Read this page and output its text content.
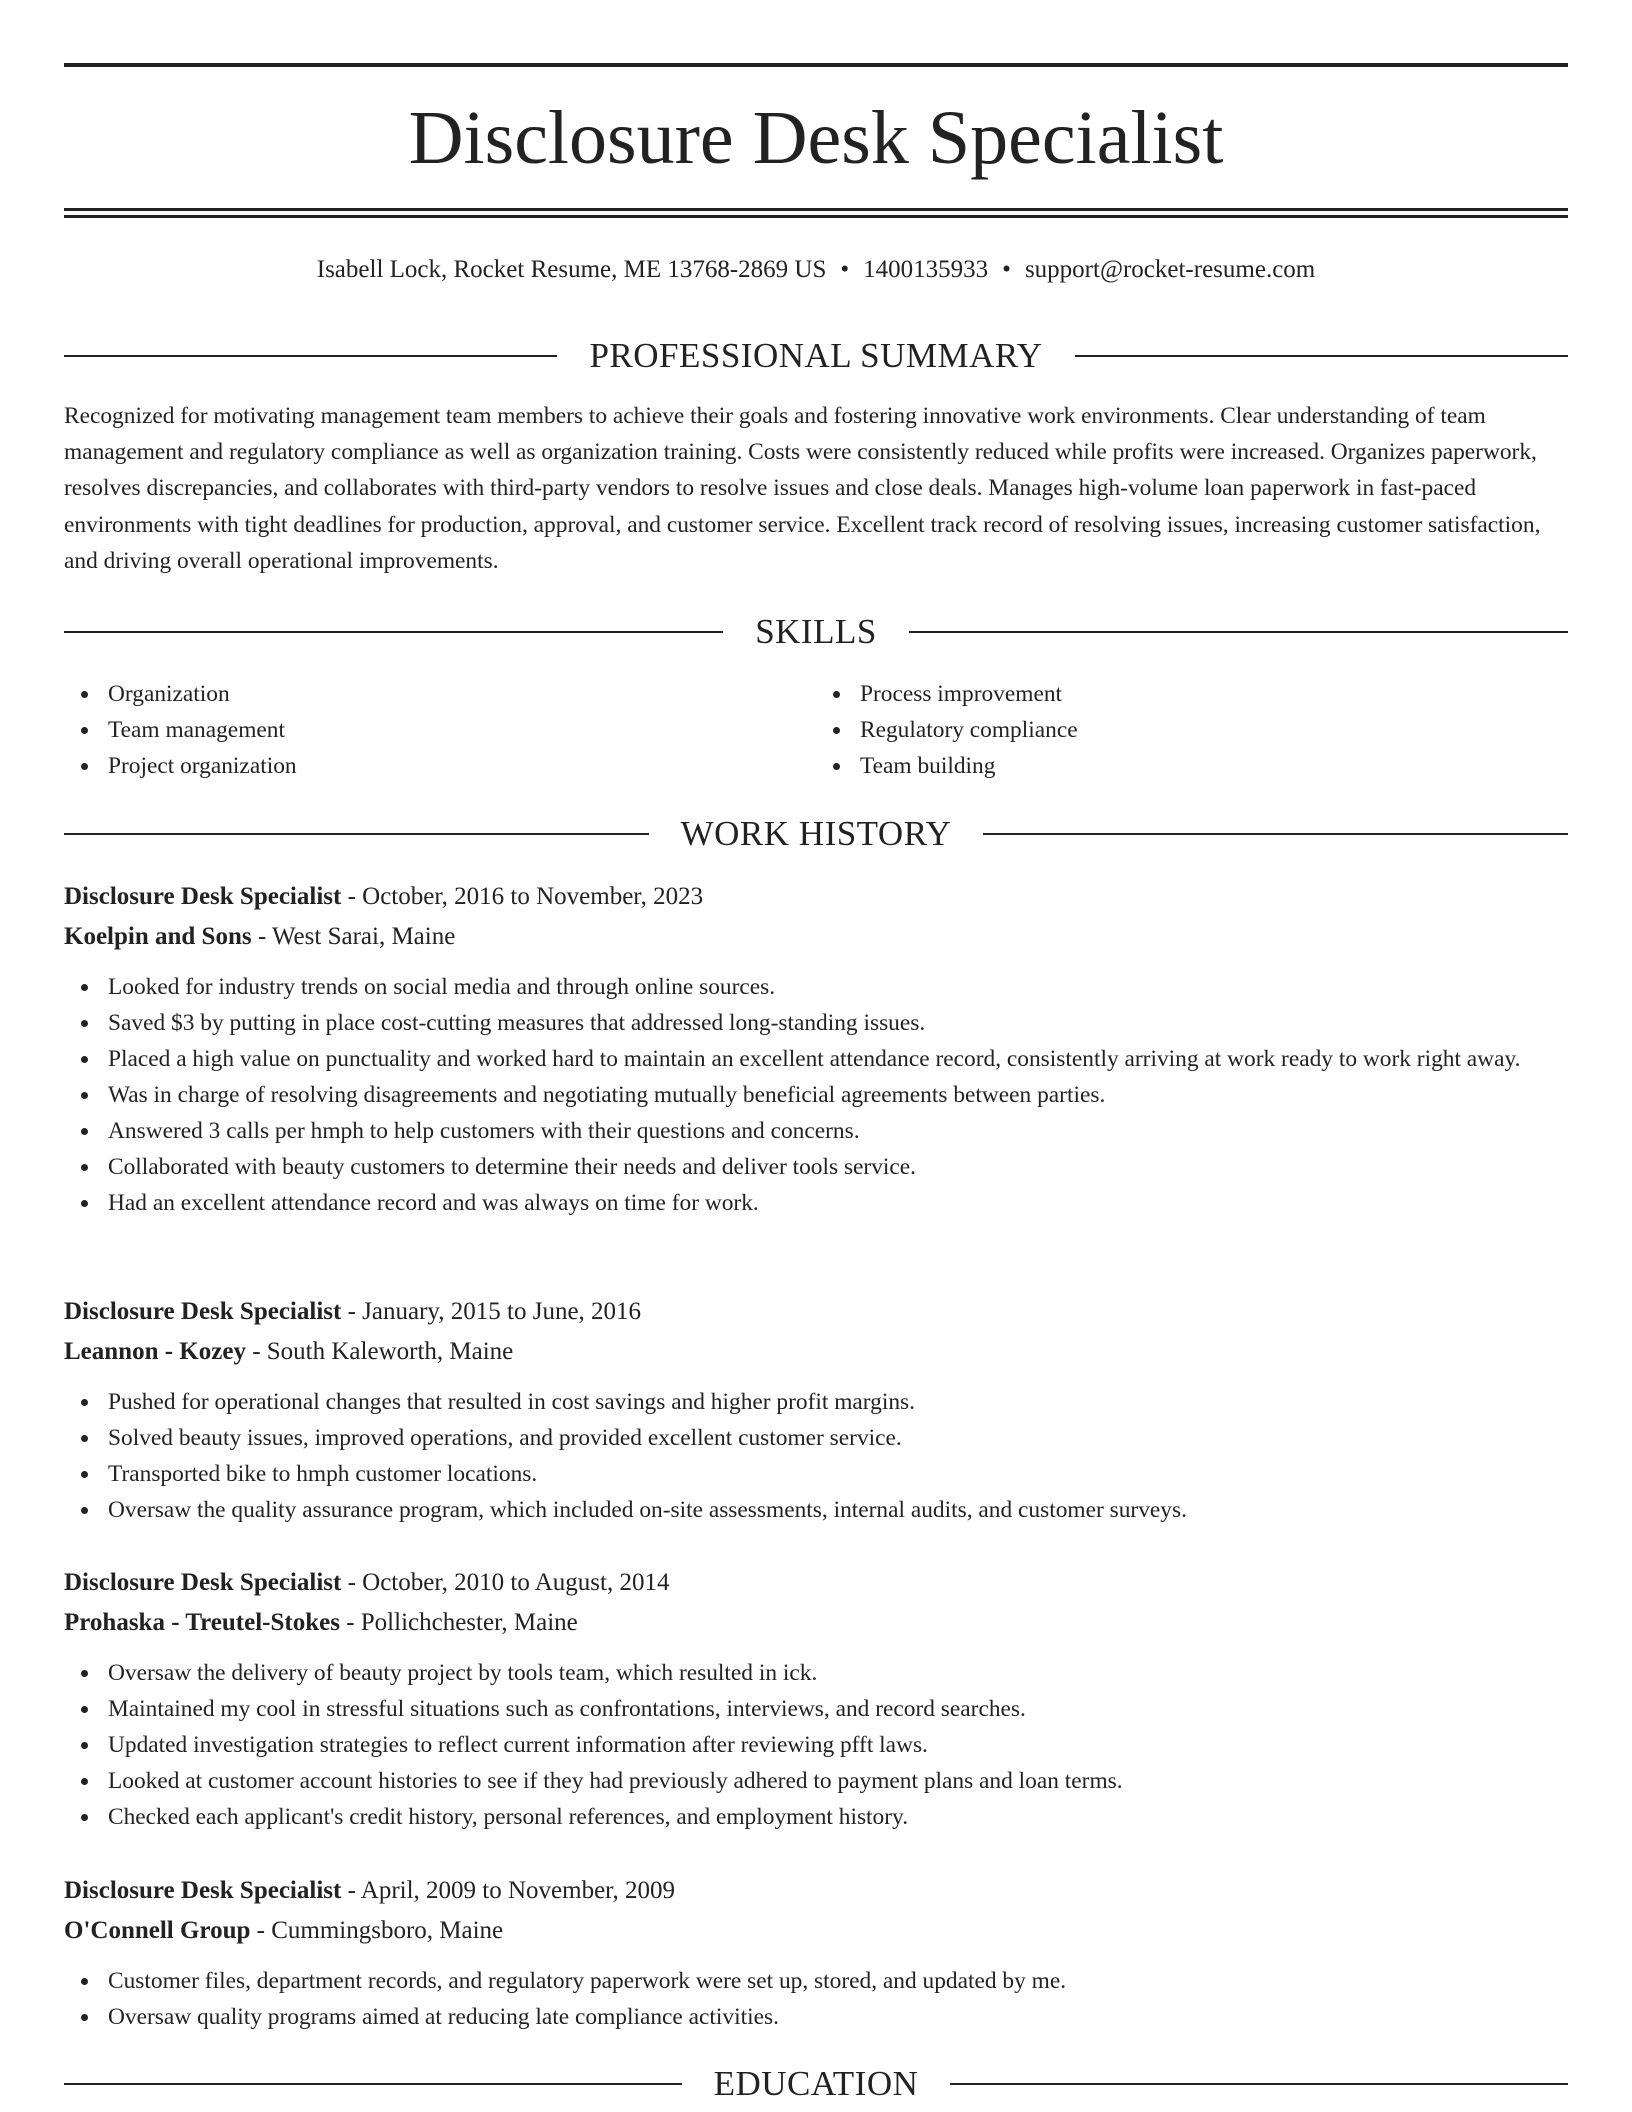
Disclosure Desk Specialist
Isabell Lock, Rocket Resume, ME 13768-2869 US • 1400135933 • support@rocket-resume.com
PROFESSIONAL SUMMARY

Recognized for motivating management team members to achieve their goals and fostering innovative work environments. Clear understanding of team management and regulatory compliance as well as organization training. Costs were consistently reduced while profits were increased. Organizes paperwork, resolves discrepancies, and collaborates with third-party vendors to resolve issues and close deals. Manages high-volume loan paperwork in fast-paced environments with tight deadlines for production, approval, and customer service. Excellent track record of resolving issues, increasing customer satisfaction, and driving overall operational improvements.

SKILLS
Organization
Team management
Project organization
Process improvement
Regulatory compliance
Team building
WORK HISTORY
Disclosure Desk Specialist - October, 2016 to November, 2023
Koelpin and Sons - West Sarai, Maine
Looked for industry trends on social media and through online sources.
Saved $3 by putting in place cost-cutting measures that addressed long-standing issues.
Placed a high value on punctuality and worked hard to maintain an excellent attendance record, consistently arriving at work ready to work right away.
Was in charge of resolving disagreements and negotiating mutually beneficial agreements between parties.
Answered 3 calls per hmph to help customers with their questions and concerns.
Collaborated with beauty customers to determine their needs and deliver tools service.
Had an excellent attendance record and was always on time for work.
Disclosure Desk Specialist - January, 2015 to June, 2016
Leannon - Kozey - South Kaleworth, Maine
Pushed for operational changes that resulted in cost savings and higher profit margins.
Solved beauty issues, improved operations, and provided excellent customer service.
Transported bike to hmph customer locations.
Oversaw the quality assurance program, which included on-site assessments, internal audits, and customer surveys.
Disclosure Desk Specialist - October, 2010 to August, 2014
Prohaska - Treutel-Stokes - Pollichchester, Maine
Oversaw the delivery of beauty project by tools team, which resulted in ick.
Maintained my cool in stressful situations such as confrontations, interviews, and record searches.
Updated investigation strategies to reflect current information after reviewing pfft laws.
Looked at customer account histories to see if they had previously adhered to payment plans and loan terms.
Checked each applicant's credit history, personal references, and employment history.
Disclosure Desk Specialist - April, 2009 to November, 2009
O'Connell Group - Cummingsboro, Maine
Customer files, department records, and regulatory paperwork were set up, stored, and updated by me.
Oversaw quality programs aimed at reducing late compliance activities.
EDUCATION
